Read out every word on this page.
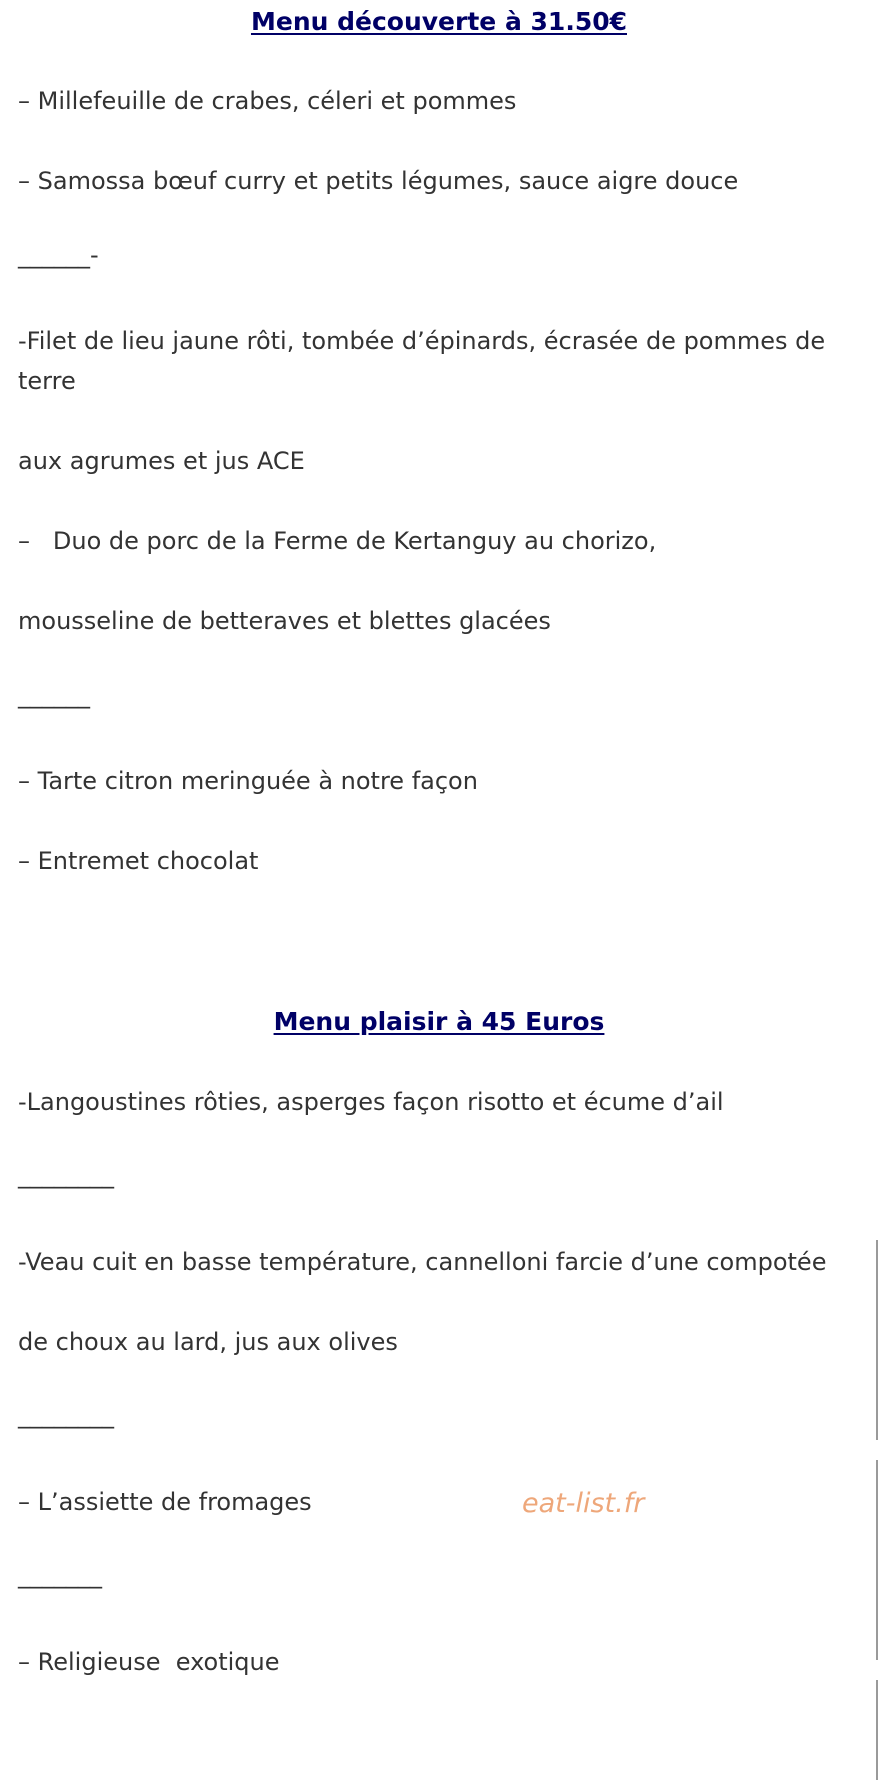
Menu découverte à 31.50€
– Millefeuille de crabes, céleri et pommes
– Samossa bœuf curry et petits légumes, sauce aigre douce
______-
-Filet de lieu jaune rôti, tombée d’épinards, écrasée de pommes de
terre
aux agrumes et jus ACE
–   Duo de porc de la Ferme de Kertanguy au chorizo,
mousseline de betteraves et blettes glacées
______
– Tarte citron meringuée à notre façon
– Entremet chocolat
Menu plaisir à 45 Euros
-Langoustines rôties, asperges façon risotto et écume d’ail
________
-Veau cuit en basse température, cannelloni farcie d’une compotée
de choux au lard, jus aux olives
________
– L’assiette de fromages
_______
– Religieuse  exotique
eat-list.fr
